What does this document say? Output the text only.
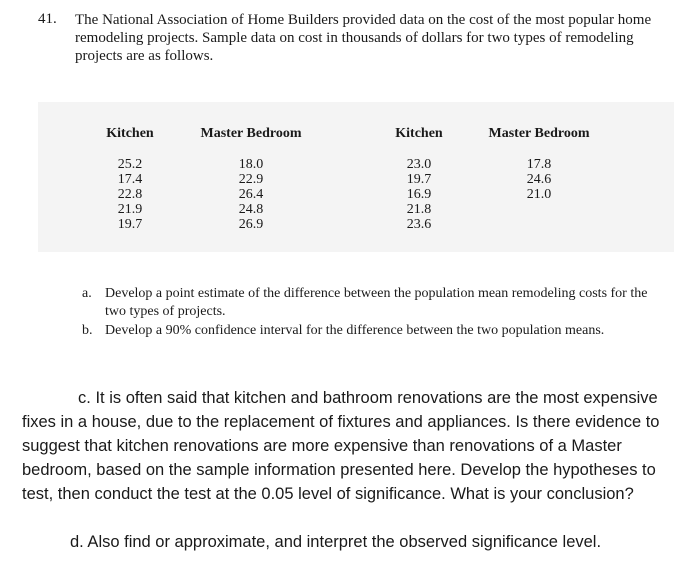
41. The National Association of Home Builders provided data on the cost of the most popular home remodeling projects. Sample data on cost in thousands of dollars for two types of remodeling projects are as follows.
Kitchen
25.2
17.4
22.8
21.9
19.7
Master Bedroom
18.0
22.9
26.4
24.8
26.9
Kitchen
23.0
19.7
16.9
21.8
23.6
Master Bedroom
17.8
24.6
21.0
a. Develop a point estimate of the difference between the population mean remodeling costs for the two types of projects.
b. Develop a 90% confidence interval for the difference between the two population means.
c. It is often said that kitchen and bathroom renovations are the most expensive fixes in a house, due to the replacement of fixtures and appliances. Is there evidence to suggest that kitchen renovations are more expensive than renovations of a Master bedroom, based on the sample information presented here. Develop the hypotheses to test, then conduct the test at the 0.05 level of significance. What is your conclusion?
d. Also find or approximate, and interpret the observed significance level.
